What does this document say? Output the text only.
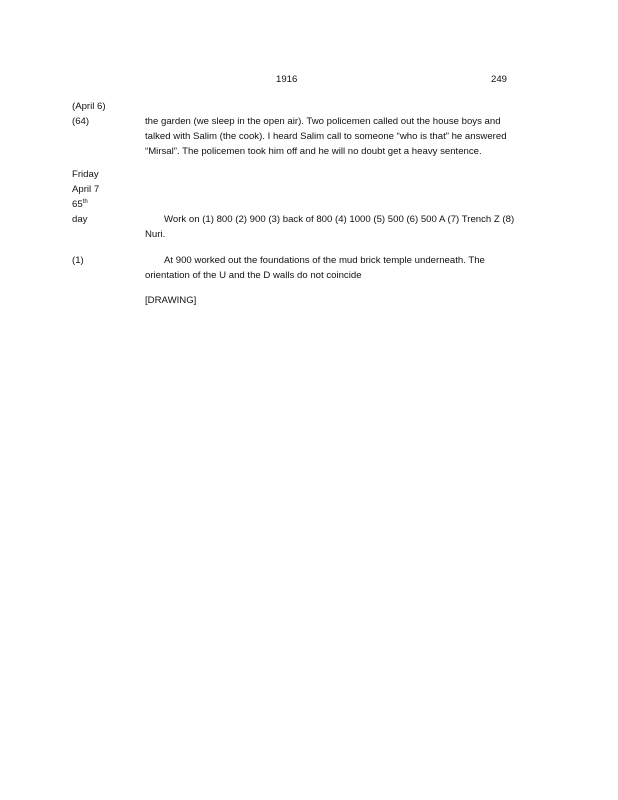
1916	249
(April 6)
(64)	the garden (we sleep in the open air). Two policemen called out the house boys and
talked with Salim (the cook). I heard Salim call to someone “who is that” he answered
“Mirsal”. The policemen took him off and he will no doubt get a heavy sentence.
Friday
April 7
65th
day	Work on (1) 800 (2) 900 (3) back of 800 (4) 1000 (5) 500 (6) 500 A (7) Trench Z (8)
Nuri.
(1)	At 900 worked out the foundations of the mud brick temple underneath. The
orientation of the U and the D walls do not coincide
[DRAWING]
